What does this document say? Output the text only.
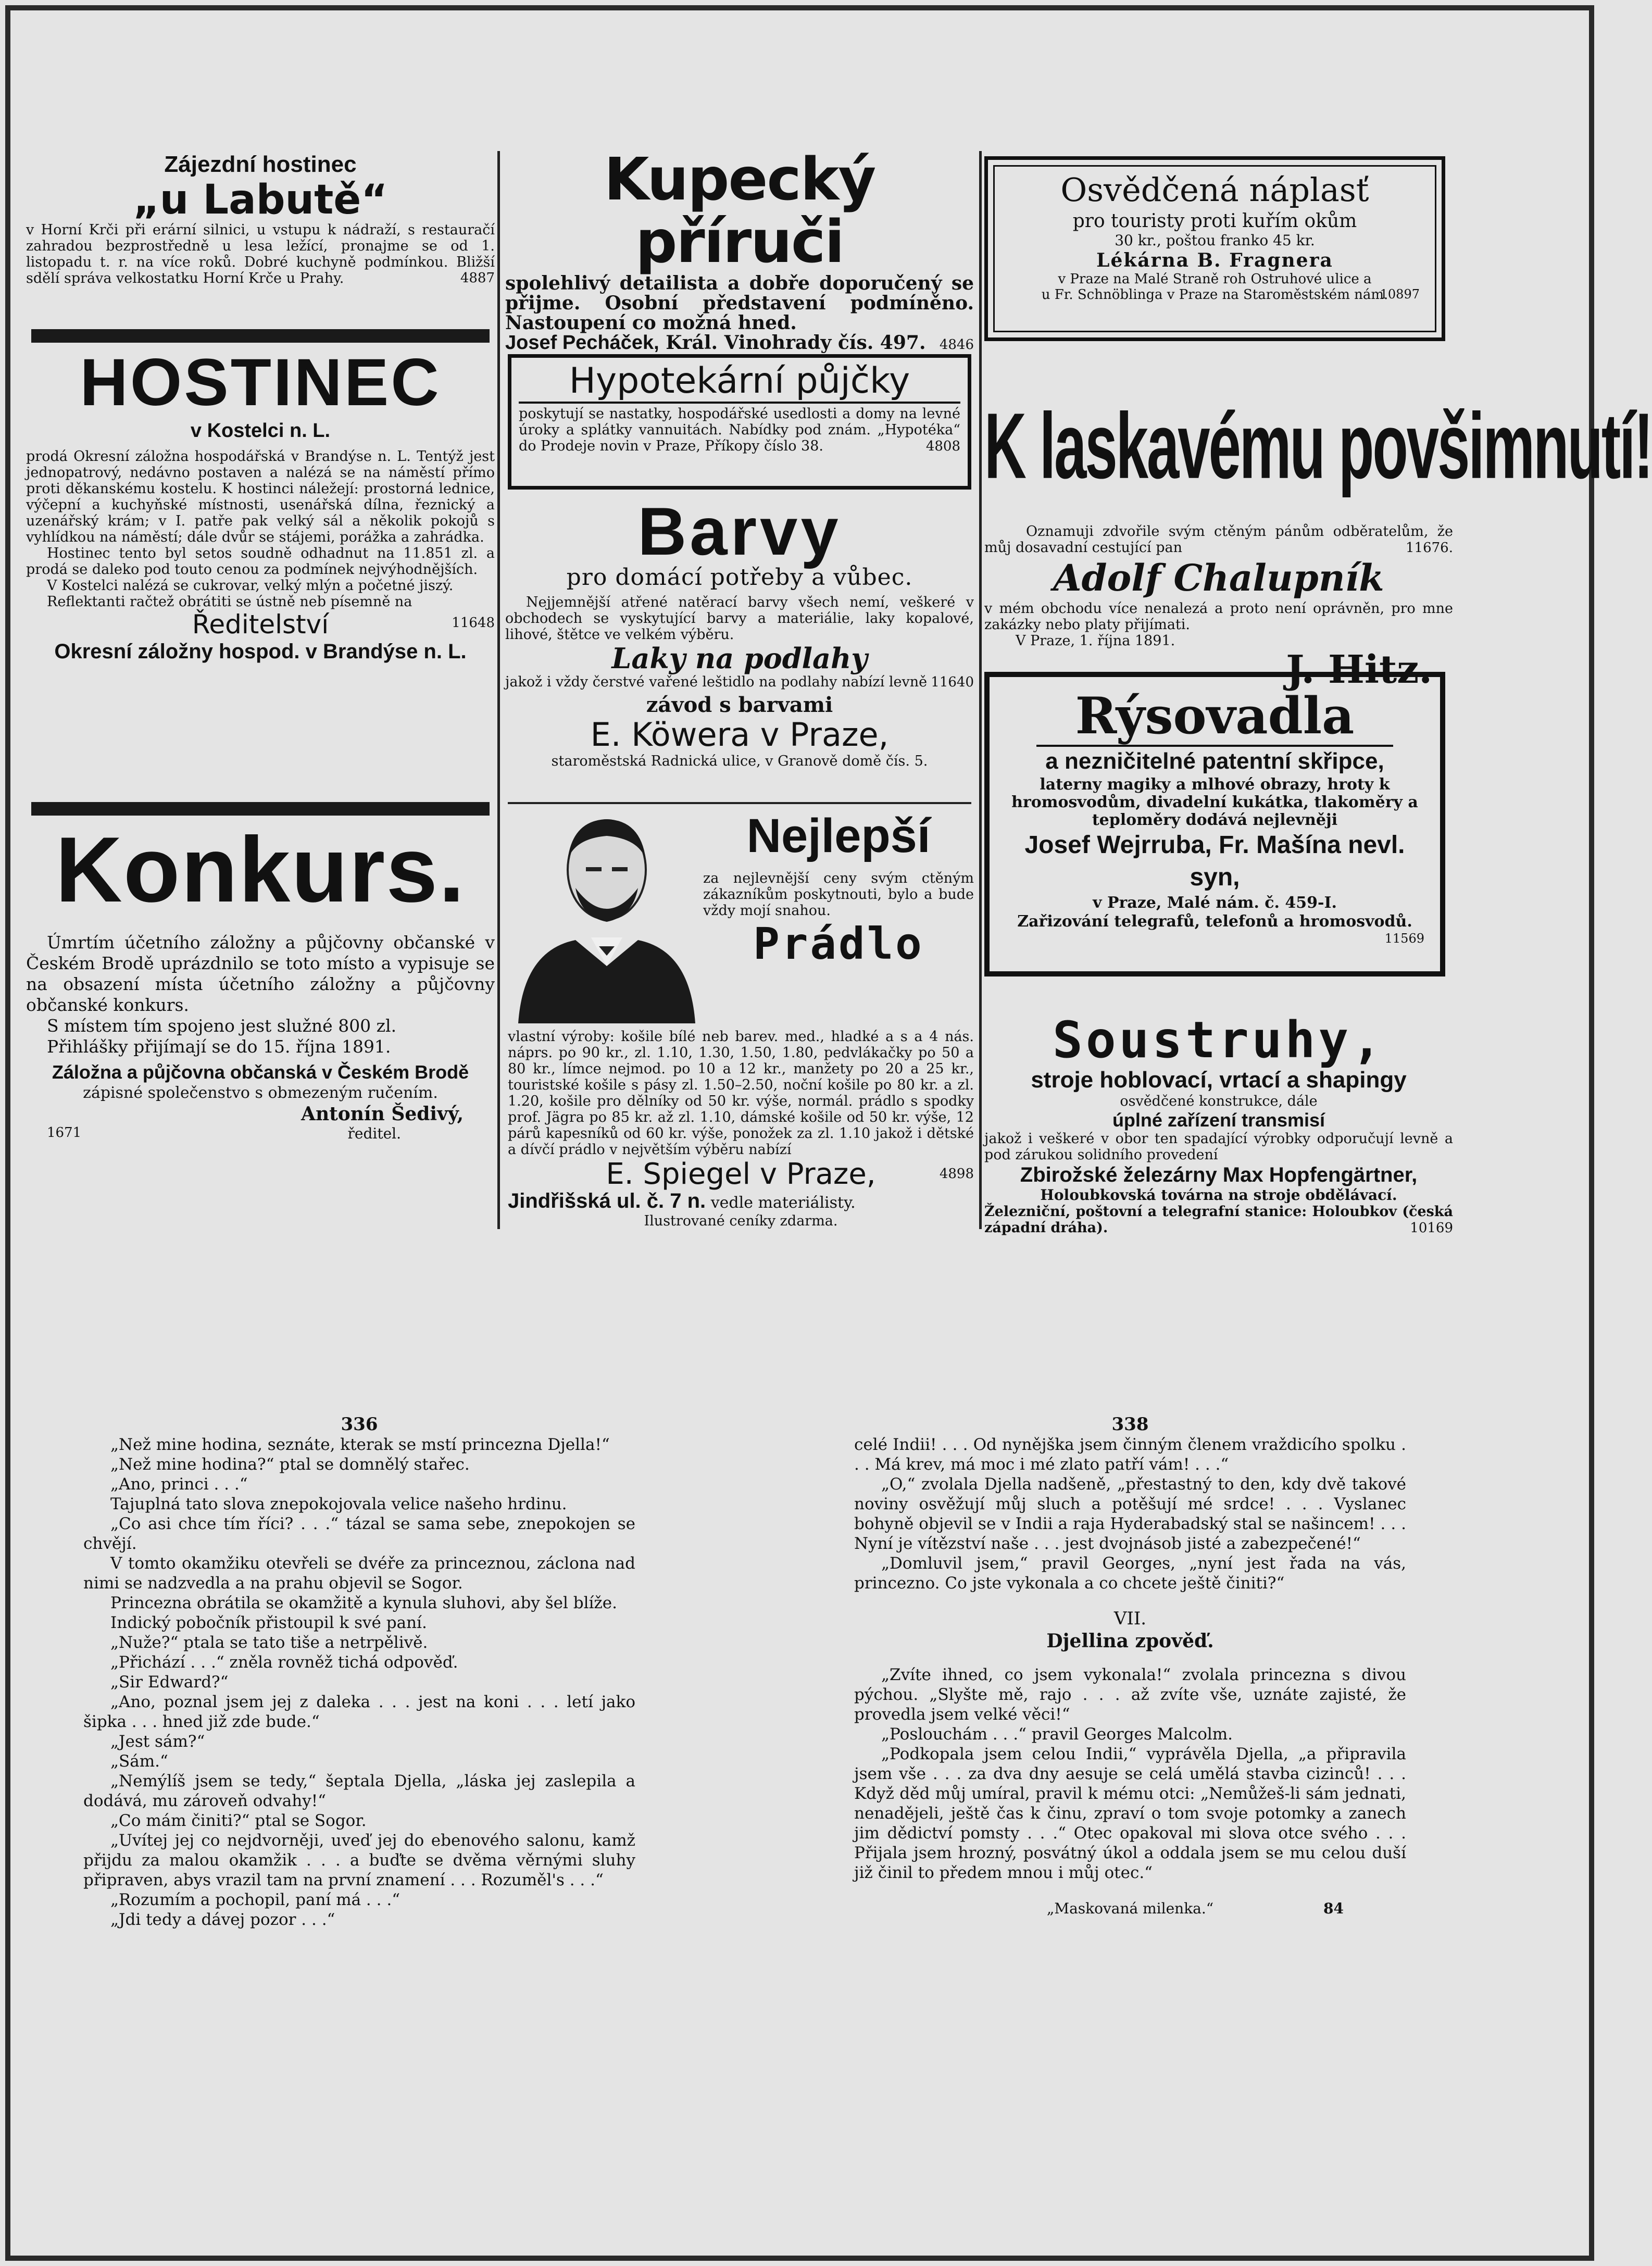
Zájezdní hostinec
„u Labutě“

v Horní Krči při erární silnici, u vstupu k nádraží, s restauračí zahradou bezprostředně u lesa ležící, pronajme se od 1. listopadu t. r. na více roků. Dobré kuchyně podmínkou. Bližší sdělí správa velkostatku Horní Krče u Prahy.	4887
HOSTINEC
v Kostelci n. L.

prodá Okresní záložna hospodářská v Brandýse n. L. Tentýž jest jednopatrový, nedávno postaven a nalézá se na náměstí přímo proti děkanskému kostelu. K hostinci náležejí: prostorná lednice, výčepní a kuchyňské místnosti, usenářská dílna, řeznický a uzenářský krám; v I. patře pak velký sál a několik pokojů s vyhlídkou na náměstí; dále dvůr se stájemi, porážka a zahrádka.

Hostinec tento byl setos soudně odhadnut na 11.851 zl. a prodá se daleko pod touto cenou za podmínek nejvýhodnějších.

V Kostelci nalézá se cukrovar, velký mlýn a početné jiszý.

Reflektanti račtež obrátiti se ústně neb písemně na

Ředitelství	11648
Okresní záložny hospod. v Brandýse n. L.
Konkurs.

Úmrtím účetního záložny a půjčovny občanské v Českém Brodě uprázdnilo se toto místo a vypisuje se na obsazení místa účetního záložny a půjčovny občanské konkurs.

S místem tím spojeno jest služné 800 zl.

Přihlášky přijímají se do 15. října 1891.

Záložna a půjčovna občanská v Českém Brodě
zápisné společenstvo s obmezeným ručením.
Antonín Šedivý,
1671	ředitel.
Kupecký příruči

spolehlivý detailista a dobře doporučený se přijme. Osobní představení podmíněno. Nastoupení co možná hned.

Josef Pecháček, Král. Vinohrady čís. 497.	4846
Hypotekární půjčky

poskytují se nastatky, hospodářské usedlosti a domy na levné úroky a splátky vannuitách. Nabídky pod znám. „Hypotéka“ do Prodeje novin v Praze, Příkopy číslo 38.	4808
Barvy
pro domácí potřeby a vůbec.

Nejjemnější atřené natěrací barvy všech nemí, veškeré v obchodech se vyskytující barvy a materiálie, laky kopalové, lihové, štětce ve velkém výběru.

Laky na podlahy

jakož i vždy čerstvé vařené leštidlo na podlahy nabízí levně 11640
závod s barvami
E. Köwera v Praze,
staroměstská Radnická ulice, v Granově domě čís. 5.
Nejlepší

za nejlevnější ceny svým ctěným zákazníkům poskytnouti, bylo a bude vždy mojí snahou.

Prádlo

vlastní výroby: košile bílé neb barev. med., hladké a s a 4 nás. náprs. po 90 kr., zl. 1.10, 1.30, 1.50, 1.80, pedvlákačky po 50 a 80 kr., límce nejmod. po 10 a 12 kr., manžety po 20 a 25 kr., touristské košile s pásy zl. 1.50–2.50, noční košile po 80 kr. a zl. 1.20, košile pro dělníky od 50 kr. výše, normál. prádlo s spodky prof. Jägra po 85 kr. až zl. 1.10, dámské košile od 50 kr. výše, 12 párů kapesníků od 60 kr. výše, ponožek za zl. 1.10 jakož i dětské a dívčí prádlo v největším výběru nabízí

E. Spiegel v Praze,	4898
Jindřišská ul. č. 7 n. vedle materiálisty.
Ilustrované ceníky zdarma.
Osvědčená náplasť
pro touristy proti kuřím okům
30 kr., poštou franko 45 kr.
Lékárna B. Fragnera
v Praze na Malé Straně roh Ostruhové ulice a
u Fr. Schnöblinga v Praze na Staroměstském nám.
10897
K laskavému povšimnutí!

Oznamuji zdvořile svým ctěným pánům odběratelům, že můj dosavadní cestující pan	11676.
Adolf Chalupník

v mém obchodu více nenalezá a proto není oprávněn, pro mne zakázky nebo platy přijímati.

V Praze, 1. října 1891.
J. Hitz.
Rýsovadla
a nezničitelné patentní skřipce,

laterny magiky a mlhové obrazy, hroty k hromosvodům, divadelní kukátka, tlakoměry a teploměry dodává nejlevněji

Josef Wejrruba, Fr. Mašína nevl. syn,
v Praze, Malé nám. č. 459-I.
Zařizování telegrafů, telefonů a hromosvodů.
11569
Soustruhy,
stroje hoblovací, vrtací a shapingy
osvědčené konstrukce, dále
úplné zařízení transmisí

jakož i veškeré v obor ten spadající výrobky odporučují levně a pod zárukou solidního provedení

Zbirožské železárny Max Hopfengärtner,
Holoubkovská továrna na stroje obdělávací.

Železniční, poštovní a telegrafní stanice: Holoubkov (česká západní dráha).	10169
336

„Než mine hodina, seznáte, kterak se mstí princezna Djella!“

„Než mine hodina?“ ptal se domnělý stařec.

„Ano, princi . . .“

Tajuplná tato slova znepokojovala velice našeho hrdinu.

„Co asi chce tím říci? . . .“ tázal se sama sebe, znepokojen se chvějí.

V tomto okamžiku otevřeli se dvéře za princeznou, záclona nad nimi se nadzvedla a na prahu objevil se Sogor.

Princezna obrátila se okamžitě a kynula sluhovi, aby šel blíže.

Indický pobočník přistoupil k své paní.

„Nuže?“ ptala se tato tiše a netrpělivě.

„Přichází . . .“ zněla rovněž tichá odpověď.

„Sir Edward?“

„Ano, poznal jsem jej z daleka . . . jest na koni . . . letí jako šipka . . . hned již zde bude.“

„Jest sám?“

„Sám.“

„Nemýlíš jsem se tedy,“ šeptala Djella, „láska jej zaslepila a dodává, mu zároveň odvahy!“

„Co mám činiti?“ ptal se Sogor.

„Uvítej jej co nejdvorněji, uveď jej do ebenového salonu, kamž přijdu za malou okamžik . . . a buďte se dvěma věrnými sluhy připraven, abys vrazil tam na první znamení . . . Rozuměl's . . .“

„Rozumím a pochopil, paní má . . .“

„Jdi tedy a dávej pozor . . .“

338

celé Indii! . . . Od nynějška jsem činným členem vraždicího spolku . . . Má krev, má moc i mé zlato patří vám! . . .“

„O,“ zvolala Djella nadšeně, „přestastný to den, kdy dvě takové noviny osvěžují můj sluch a potěšují mé srdce! . . . Vyslanec bohyně objevil se v Indii a raja Hyderabadský stal se našincem! . . . Nyní je vítězství naše . . . jest dvojnásob jisté a zabezpečené!“

„Domluvil jsem,“ pravil Georges, „nyní jest řada na vás, princezno. Co jste vykonala a co chcete ještě činiti?“

VII.
Djellina zpověď.

„Zvíte ihned, co jsem vykonala!“ zvolala princezna s divou pýchou. „Slyšte mě, rajo . . . až zvíte vše, uznáte zajisté, že provedla jsem velké věci!“

„Poslouchám . . .“ pravil Georges Malcolm.

„Podkopala jsem celou Indii,“ vyprávěla Djella, „a připravila jsem vše . . . za dva dny aesuje se celá umělá stavba cizinců! . . . Když děd můj umíral, pravil k mému otci: „Nemůžeš-li sám jednati, nenadějeli, ještě čas k činu, zpraví o tom svoje potomky a zanech jim dědictví pomsty . . .“ Otec opakoval mi slova otce svého . . . Přijala jsem hrozný, posvátný úkol a oddala jsem se mu celou duší již činil to předem mnou i můj otec.“

„Maskovaná milenka.“	84
